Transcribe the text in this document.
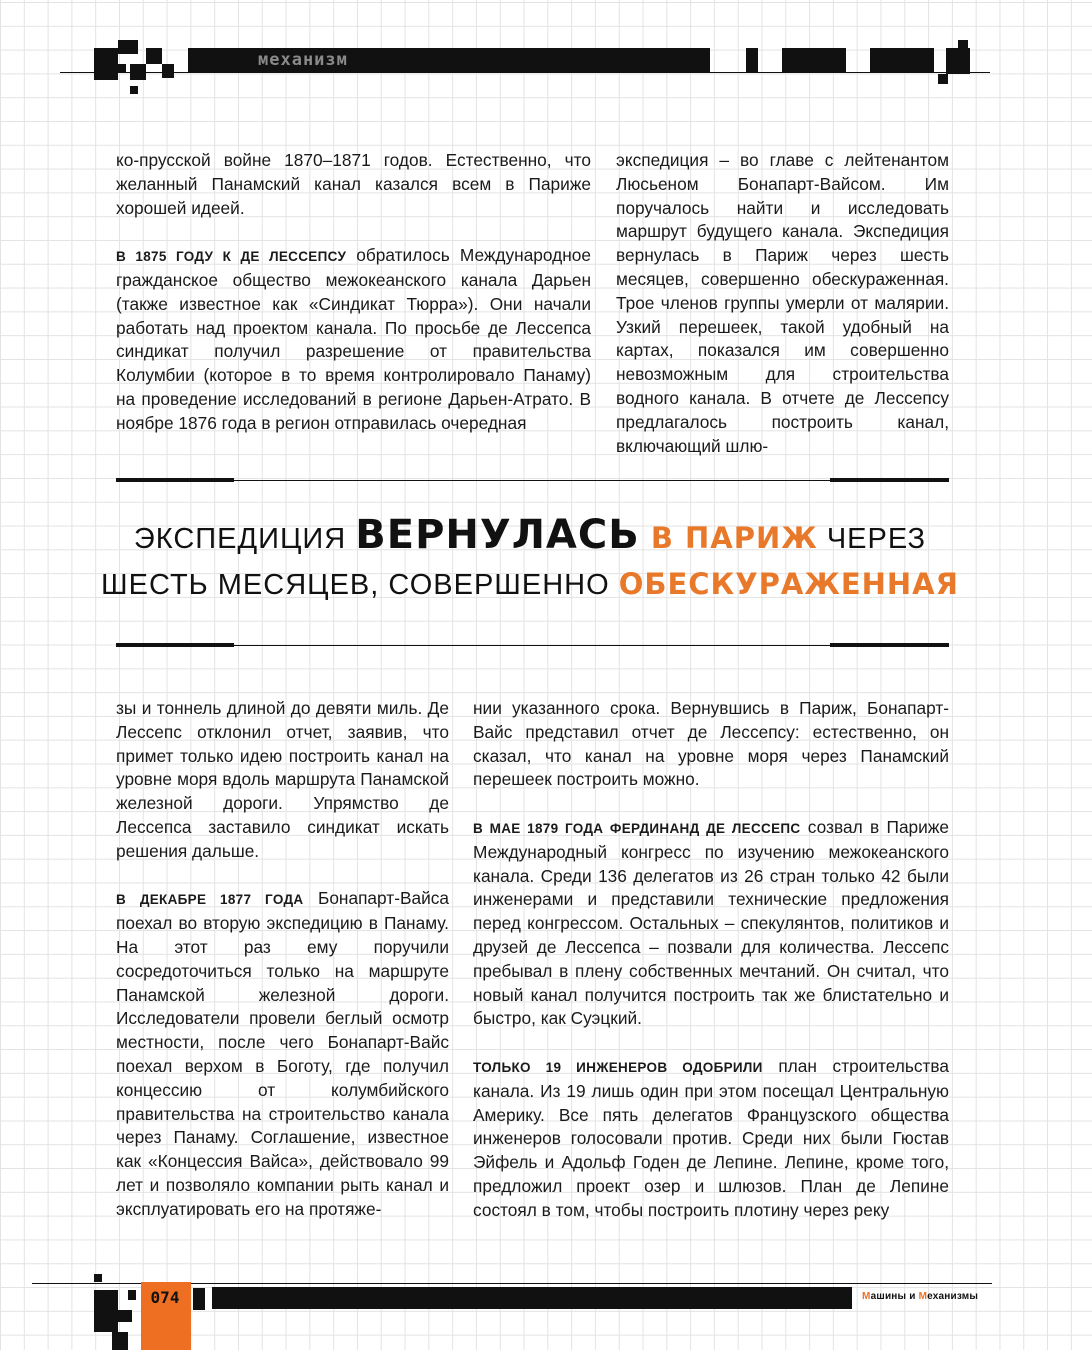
механизм

ко-прусской войне 1870–1871 годов. Естественно, что желанный Панамский канал казался всем в Париже хорошей идеей.

В 1875 ГОДУ К ДЕ ЛЕССЕПСУ обратилось Международное гражданское общество межокеанского канала Дарьен (также известное как «Синдикат Тюрра»). Они начали работать над проектом канала. По просьбе де Лессепса синдикат получил разрешение от правительства Колумбии (которое в то время контролировало Панаму) на проведение исследований в регионе Дарьен-Атрато. В ноябре 1876 года в регион отправилась очередная

экспедиция – во главе с лейтенантом Люсьеном Бонапарт-Вайсом. Им поручалось найти и исследовать маршрут будущего канала. Экспедиция вернулась в Париж через шесть месяцев, совершенно обескураженная. Трое членов группы умерли от малярии. Узкий перешеек, такой удобный на картах, показался им совершенно невозможным для строительства водного канала. В отчете де Лессепсу предлагалось построить канал, включающий шлю-

ЭКСПЕДИЦИЯ ВЕРНУЛАСЬ В ПАРИЖ ЧЕРЕЗ
ШЕСТЬ МЕСЯЦЕВ, СОВЕРШЕННО ОБЕСКУРАЖЕННАЯ

зы и тоннель длиной до девяти миль. Де Лессепс отклонил отчет, заявив, что примет только идею построить канал на уровне моря вдоль маршрута Панамской железной дороги. Упрямство де Лессепса заставило синдикат искать решения дальше.

В ДЕКАБРЕ 1877 ГОДА Бонапарт-Вайса поехал во вторую экспедицию в Панаму. На этот раз ему поручили сосредоточиться только на маршруте Панамской железной дороги. Исследователи провели беглый осмотр местности, после чего Бонапарт-Вайс поехал верхом в Боготу, где получил концессию от колумбийского правительства на строительство канала через Панаму. Соглашение, известное как «Концессия Вайса», действовало 99 лет и позволяло компании рыть канал и эксплуатировать его на протяже-

нии указанного срока. Вернувшись в Париж, Бонапарт-Вайс представил отчет де Лессепсу: естественно, он сказал, что канал на уровне моря через Панамский перешеек построить можно.

В МАЕ 1879 ГОДА ФЕРДИНАНД ДЕ ЛЕССЕПС созвал в Париже Международный конгресс по изучению межокеанского канала. Среди 136 делегатов из 26 стран только 42 были инженерами и представили технические предложения перед конгрессом. Остальных – спекулянтов, политиков и друзей де Лессепса – позвали для количества. Лессепс пребывал в плену собственных мечтаний. Он считал, что новый канал получится построить так же блистательно и быстро, как Суэцкий.

ТОЛЬКО 19 ИНЖЕНЕРОВ ОДОБРИЛИ план строительства канала. Из 19 лишь один при этом посещал Центральную Америку. Все пять делегатов Французского общества инженеров голосовали против. Среди них были Гюстав Эйфель и Адольф Годен де Лепине. Лепине, кроме того, предложил проект озер и шлюзов. План де Лепине состоял в том, чтобы построить плотину через реку

074	Машины и Механизмы
